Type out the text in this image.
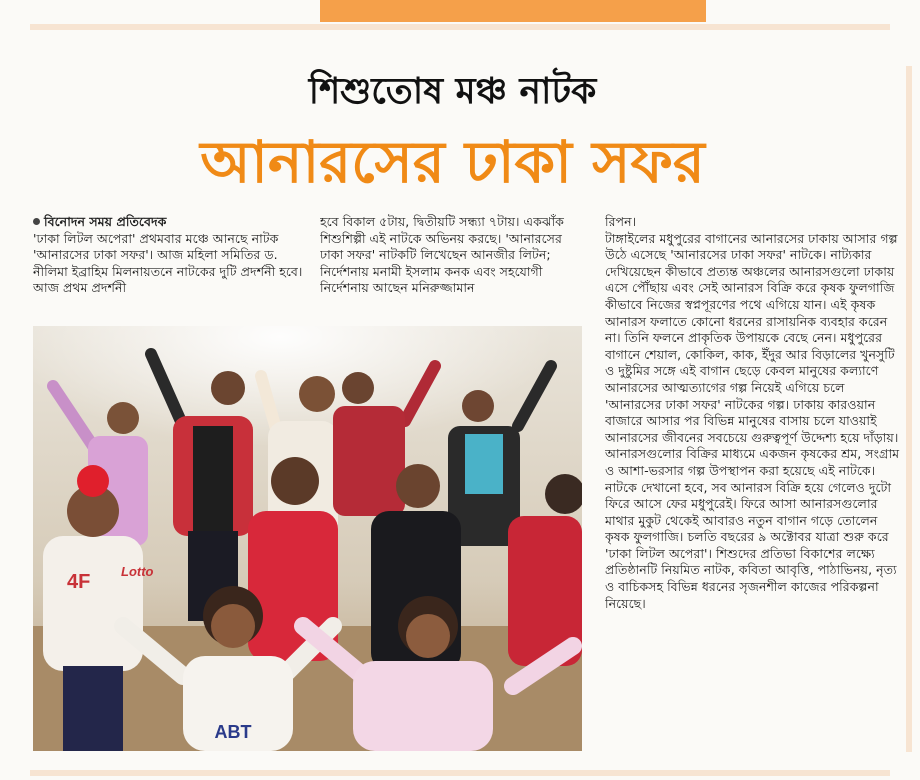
শিশুতোষ মঞ্চ নাটক
আনারসের ঢাকা সফর

বিনোদন সময় প্রতিবেদক

'ঢাকা লিটল অপেরা' প্রথমবার মঞ্চে আনছে নাটক 'আনারসের ঢাকা সফর'। আজ মহিলা সমিতির ড. নীলিমা ইব্রাহিম মিলনায়তনে নাটকের দুটি প্রদর্শনী হবে। আজ প্রথম প্রদর্শনী

হবে বিকাল ৫টায়, দ্বিতীয়টি সন্ধ্যা ৭টায়। একঝাঁক শিশুশিল্পী এই নাটকে অভিনয় করছে। 'আনারসের ঢাকা সফর' নাটকটি লিখেছেন আনজীর লিটন; নির্দেশনায় মনামী ইসলাম কনক এবং সহযোগী নির্দেশনায় আছেন মনিরুজ্জামান

রিপন।

টাঙ্গাইলের মধুপুরের বাগানের আনারসের ঢাকায় আসার গল্প উঠে এসেছে 'আনারসের ঢাকা সফর' নাটকে। নাট্যকার দেখিয়েছেন কীভাবে প্রত্যন্ত অঞ্চলের আনারসগুলো ঢাকায় এসে পৌঁছায় এবং সেই আনারস বিক্রি করে কৃষক ফুলগাজি কীভাবে নিজের স্বপ্নপূরণের পথে এগিয়ে যান। এই কৃষক আনারস ফলাতে কোনো ধরনের রাসায়নিক ব্যবহার করেন না। তিনি ফলনে প্রাকৃতিক উপায়কে বেছে নেন। মধুপুরের বাগানে শেয়াল, কোকিল, কাক, ইঁদুর আর বিড়ালের খুনসুটি ও দুষ্টুমির সঙ্গে এই বাগান ছেড়ে কেবল মানুষের কল্যাণে আনারসের আত্মত্যাগের গল্প নিয়েই এগিয়ে চলে 'আনারসের ঢাকা সফর' নাটকের গল্প। ঢাকায় কারওয়ান বাজারে আসার পর বিভিন্ন মানুষের বাসায় চলে যাওয়াই আনারসের জীবনের সবচেয়ে গুরুত্বপূর্ণ উদ্দেশ্য হয়ে দাঁড়ায়। আনারসগুলোর বিক্রির মাধ্যমে একজন কৃষকের শ্রম, সংগ্রাম ও আশা-ভরসার গল্প উপস্থাপন করা হয়েছে এই নাটকে। নাটকে দেখানো হবে, সব আনারস বিক্রি হয়ে গেলেও দুটো ফিরে আসে ফের মধুপুরেই। ফিরে আসা আনারসগুলোর মাথার মুকুট থেকেই আবারও নতুন বাগান গড়ে তোলেন কৃষক ফুলগাজি। চলতি বছরের ৯ অক্টোবর যাত্রা শুরু করে 'ঢাকা লিটল অপেরা'। শিশুদের প্রতিভা বিকাশের লক্ষ্যে প্রতিষ্ঠানটি নিয়মিত নাটক, কবিতা আবৃত্তি, পাঠাভিনয়, নৃত্য ও বাচিকসহ বিভিন্ন ধরনের সৃজনশীল কাজের পরিকল্পনা নিয়েছে।

4F Lotto
ABT
